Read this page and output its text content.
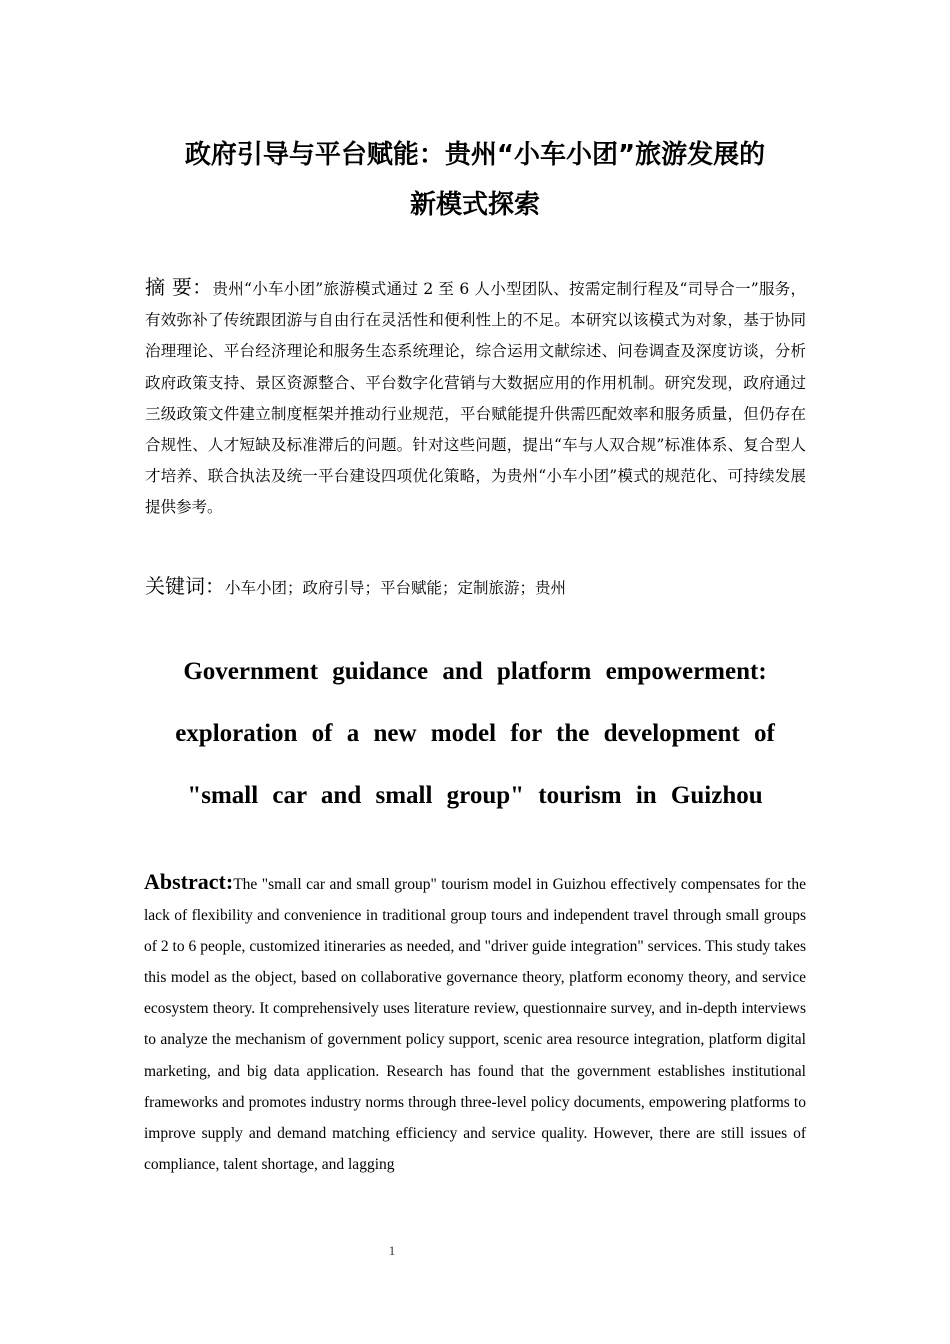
政府引导与平台赋能：贵州“小车小团”旅游发展的
新模式探索
摘 要：贵州“小车小团”旅游模式通过 2 至 6 人小型团队、按需定制行程及“司导合一”服务，有效弥补了传统跟团游与自由行在灵活性和便利性上的不足。本研究以该模式为对象，基于协同治理理论、平台经济理论和服务生态系统理论，综合运用文献综述、问卷调查及深度访谈，分析政府政策支持、景区资源整合、平台数字化营销与大数据应用的作用机制。研究发现，政府通过三级政策文件建立制度框架并推动行业规范，平台赋能提升供需匹配效率和服务质量，但仍存在合规性、人才短缺及标准滞后的问题。针对这些问题，提出“车与人双合规”标准体系、复合型人才培养、联合执法及统一平台建设四项优化策略，为贵州“小车小团”模式的规范化、可持续发展提供参考。
关键词：小车小团；政府引导；平台赋能；定制旅游；贵州
Government guidance and platform empowerment:
exploration of a new model for the development of
"small car and small group" tourism in Guizhou
Abstract:The "small car and small group" tourism model in Guizhou effectively compensates for the lack of flexibility and convenience in traditional group tours and independent travel through small groups of 2 to 6 people, customized itineraries as needed, and "driver guide integration" services. This study takes this model as the object, based on collaborative governance theory, platform economy theory, and service ecosystem theory. It comprehensively uses literature review, questionnaire survey, and in-depth interviews to analyze the mechanism of government policy support, scenic area resource integration, platform digital marketing, and big data application. Research has found that the government establishes institutional frameworks and promotes industry norms through three-level policy documents, empowering platforms to improve supply and demand matching efficiency and service quality. However, there are still issues of compliance, talent shortage, and lagging
1
